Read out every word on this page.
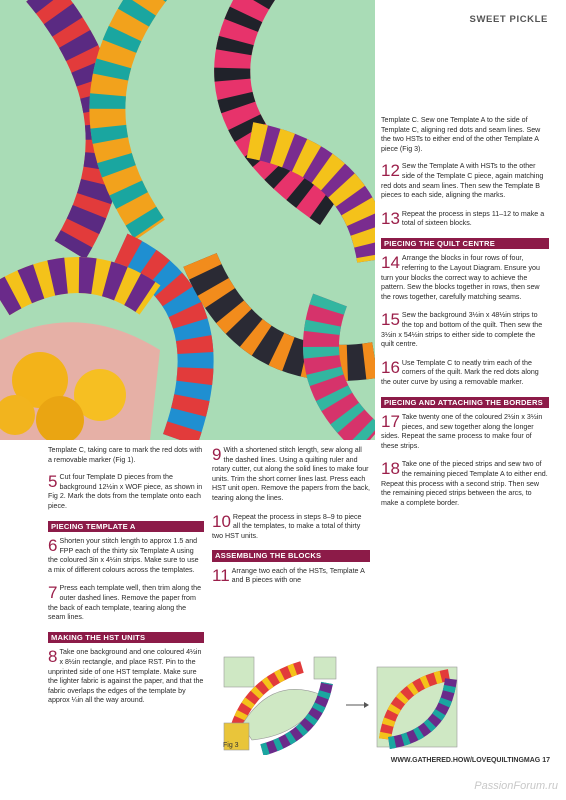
SWEET PICKLE

Template C, taking care to mark the red dots with a removable marker (Fig 1).

5 Cut four Template D pieces from the background 12½in x WOF piece, as shown in Fig 2. Mark the dots from the template onto each piece.
PIECING TEMPLATE A
6 Shorten your stitch length to approx 1.5 and FPP each of the thirty six Template A using the coloured 3in x 4½in strips. Make sure to use a mix of different colours across the templates.
7 Press each template well, then trim along the outer dashed lines. Remove the paper from the back of each template, tearing along the seam lines.
MAKING THE HST UNITS
8 Take one background and one coloured 4½in x 8½in rectangle, and place RST. Pin to the unprinted side of one HST template. Make sure the lighter fabric is against the paper, and that the fabric overlaps the edges of the template by approx ¼in all the way around.
9 With a shortened stitch length, sew along all the dashed lines. Using a quilting ruler and rotary cutter, cut along the solid lines to make four units. Trim the short corner lines last. Press each HST unit open. Remove the papers from the back, tearing along the lines.
10 Repeat the process in steps 8–9 to piece all the templates, to make a total of thirty two HST units.
ASSEMBLING THE BLOCKS
11 Arrange two each of the HSTs, Template A and B pieces with one

Template C. Sew one Template A to the side of Template C, aligning red dots and seam lines. Sew the two HSTs to either end of the other Template A piece (Fig 3).

12 Sew the Template A with HSTs to the other side of the Template C piece, again matching red dots and seam lines. Then sew the Template B pieces to each side, aligning the marks.
13 Repeat the process in steps 11–12 to make a total of sixteen blocks.
PIECING THE QUILT CENTRE
14 Arrange the blocks in four rows of four, referring to the Layout Diagram. Ensure you turn your blocks the correct way to achieve the pattern. Sew the blocks together in rows, then sew the rows together, carefully matching seams.
15 Sew the background 3½in x 48½in strips to the top and bottom of the quilt. Then sew the 3½in x 54½in strips to either side to complete the quilt centre.
16 Use Template C to neatly trim each of the corners of the quilt. Mark the red dots along the outer curve by using a removable marker.
PIECING AND ATTACHING THE BORDERS
17 Take twenty one of the coloured 2½in x 3½in pieces, and sew together along the longer sides. Repeat the same process to make four of these strips.
18 Take one of the pieced strips and sew two of the remaining pieced Template A to either end. Repeat this process with a second strip. Then sew the remaining pieced strips between the arcs, to make a complete border.
Fig 3
WWW.GATHERED.HOW/LOVEQUILTINGMAG 17
PassionForum.ru
